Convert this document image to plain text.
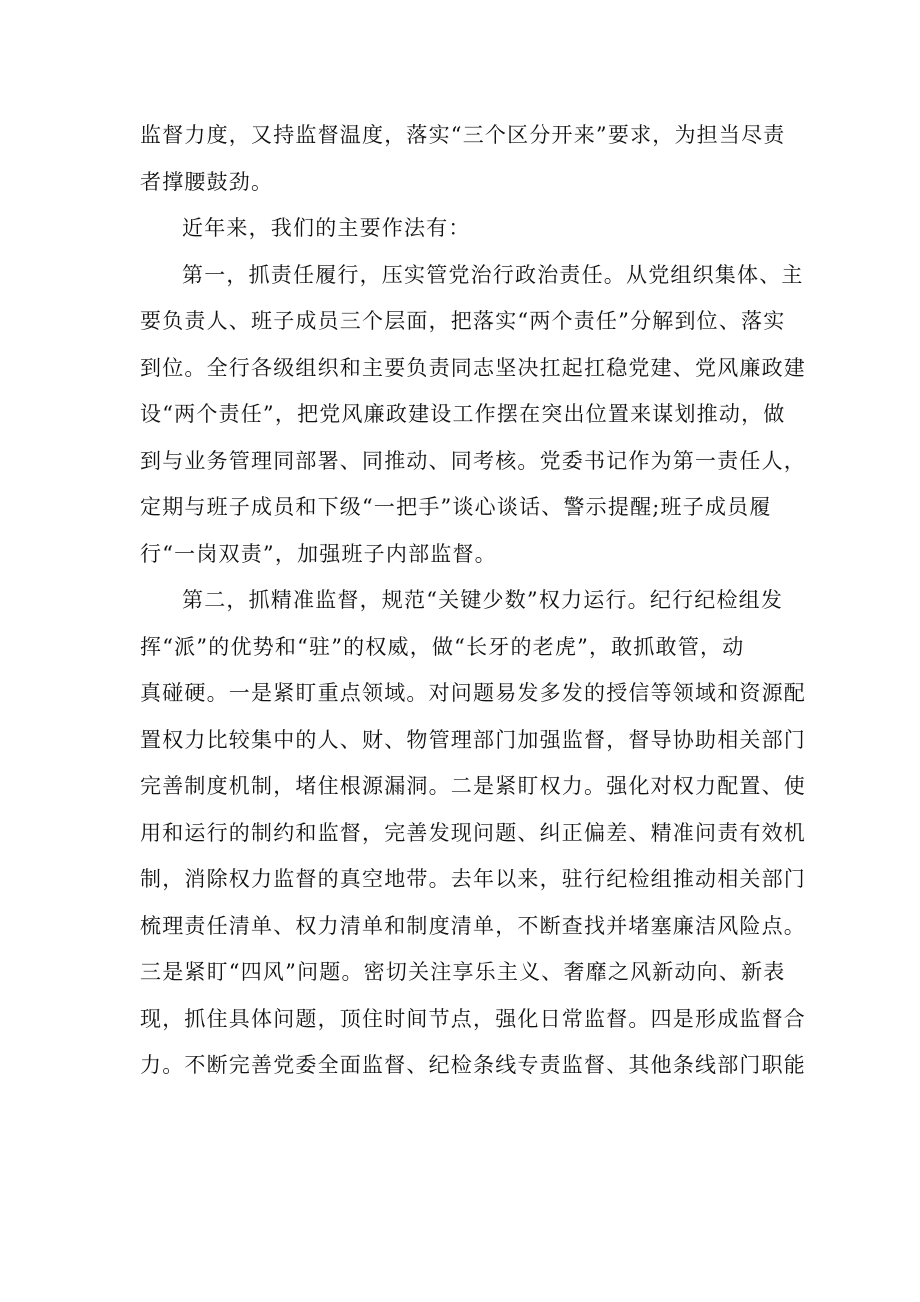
监督力度，又持监督温度，落实“三个区分开来”要求，为担当尽责
者撑腰鼓劲。
近年来，我们的主要作法有：
第一，抓责任履行，压实管党治行政治责任。从党组织集体、主
要负责人、班子成员三个层面，把落实“两个责任”分解到位、落实
到位。全行各级组织和主要负责同志坚决扛起扛稳党建、党风廉政建
设“两个责任”，把党风廉政建设工作摆在突出位置来谋划推动，做
到与业务管理同部署、同推动、同考核。党委书记作为第一责任人，
定期与班子成员和下级“一把手”谈心谈话、警示提醒;班子成员履
行“一岗双责”，加强班子内部监督。
第二，抓精准监督，规范“关键少数”权力运行。纪行纪检组发
挥“派”的优势和“驻”的权威，做“长牙的老虎”，敢抓敢管，动
真碰硬。一是紧盯重点领域。对问题易发多发的授信等领域和资源配
置权力比较集中的人、财、物管理部门加强监督，督导协助相关部门
完善制度机制，堵住根源漏洞。二是紧盯权力。强化对权力配置、使
用和运行的制约和监督，完善发现问题、纠正偏差、精准问责有效机
制，消除权力监督的真空地带。去年以来，驻行纪检组推动相关部门
梳理责任清单、权力清单和制度清单，不断查找并堵塞廉洁风险点。
三是紧盯“四风”问题。密切关注享乐主义、奢靡之风新动向、新表
现，抓住具体问题，顶住时间节点，强化日常监督。四是形成监督合
力。不断完善党委全面监督、纪检条线专责监督、其他条线部门职能
